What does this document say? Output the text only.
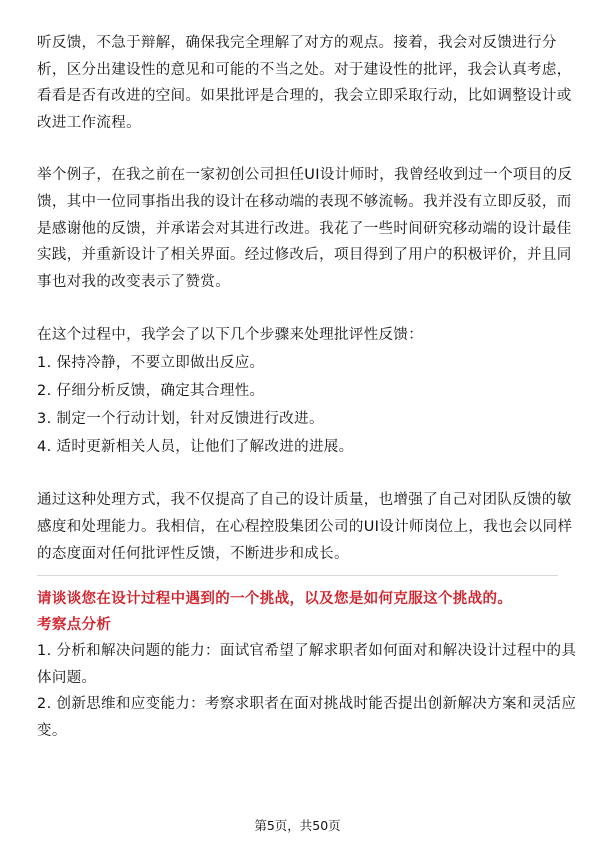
听反馈，不急于辩解，确保我完全理解了对方的观点。接着，我会对反馈进行分
析，区分出建设性的意见和可能的不当之处。对于建设性的批评，我会认真考虑，
看看是否有改进的空间。如果批评是合理的，我会立即采取行动，比如调整设计或
改进工作流程。
举个例子，在我之前在一家初创公司担任UI设计师时，我曾经收到过一个项目的反
馈，其中一位同事指出我的设计在移动端的表现不够流畅。我并没有立即反驳，而
是感谢他的反馈，并承诺会对其进行改进。我花了一些时间研究移动端的设计最佳
实践，并重新设计了相关界面。经过修改后，项目得到了用户的积极评价，并且同
事也对我的改变表示了赞赏。

在这个过程中，我学会了以下几个步骤来处理批评性反馈：

1. 保持冷静，不要立即做出反应。

2. 仔细分析反馈，确定其合理性。

3. 制定一个行动计划，针对反馈进行改进。

4. 适时更新相关人员，让他们了解改进的进展。

通过这种处理方式，我不仅提高了自己的设计质量，也增强了自己对团队反馈的敏
感度和处理能力。我相信，在心程控股集团公司的UI设计师岗位上，我也会以同样
的态度面对任何批评性反馈，不断进步和成长。

请谈谈您在设计过程中遇到的一个挑战，以及您是如何克服这个挑战的。

考察点分析

1. 分析和解决问题的能力：面试官希望了解求职者如何面对和解决设计过程中的具
体问题。
2. 创新思维和应变能力：考察求职者在面对挑战时能否提出创新解决方案和灵活应
变。
第5页，共50页
